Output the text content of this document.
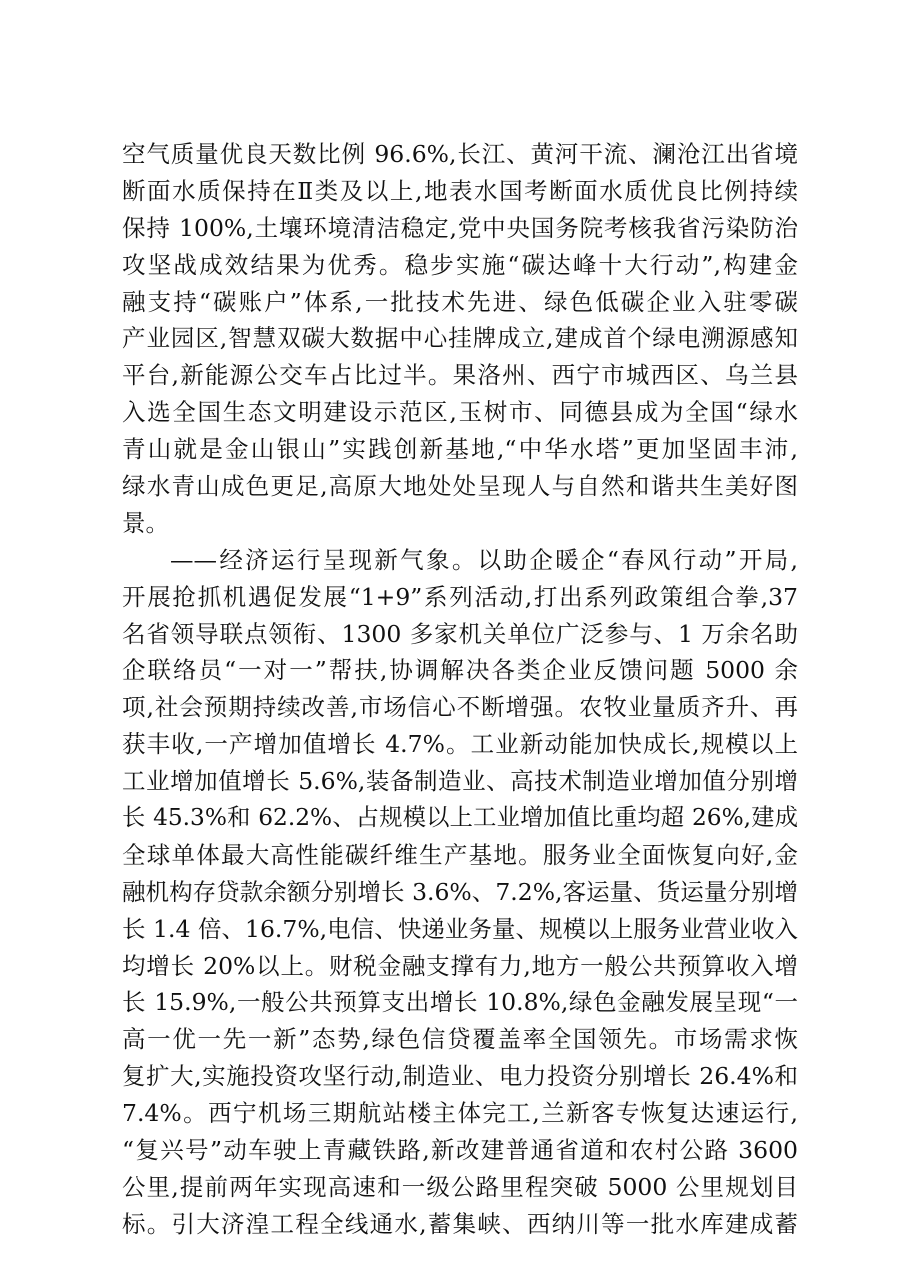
空气质量优良天数比例 96.6%,长江、黄河干流、澜沧江出省境
断面水质保持在Ⅱ类及以上,地表水国考断面水质优良比例持续
保持 100%,土壤环境清洁稳定,党中央国务院考核我省污染防治
攻坚战成效结果为优秀。稳步实施“碳达峰十大行动”,构建金
融支持“碳账户”体系,一批技术先进、绿色低碳企业入驻零碳
产业园区,智慧双碳大数据中心挂牌成立,建成首个绿电溯源感知
平台,新能源公交车占比过半。果洛州、西宁市城西区、乌兰县
入选全国生态文明建设示范区,玉树市、同德县成为全国“绿水
青山就是金山银山”实践创新基地,“中华水塔”更加坚固丰沛,
绿水青山成色更足,高原大地处处呈现人与自然和谐共生美好图
景。
——经济运行呈现新气象。以助企暖企“春风行动”开局,
开展抢抓机遇促发展“1+9”系列活动,打出系列政策组合拳,37
名省领导联点领衔、1300 多家机关单位广泛参与、1 万余名助
企联络员“一对一”帮扶,协调解决各类企业反馈问题 5000 余
项,社会预期持续改善,市场信心不断增强。农牧业量质齐升、再
获丰收,一产增加值增长 4.7%。工业新动能加快成长,规模以上
工业增加值增长 5.6%,装备制造业、高技术制造业增加值分别增
长 45.3%和 62.2%、占规模以上工业增加值比重均超 26%,建成
全球单体最大高性能碳纤维生产基地。服务业全面恢复向好,金
融机构存贷款余额分别增长 3.6%、7.2%,客运量、货运量分别增
长 1.4 倍、16.7%,电信、快递业务量、规模以上服务业营业收入
均增长 20%以上。财税金融支撑有力,地方一般公共预算收入增
长 15.9%,一般公共预算支出增长 10.8%,绿色金融发展呈现“一
高一优一先一新”态势,绿色信贷覆盖率全国领先。市场需求恢
复扩大,实施投资攻坚行动,制造业、电力投资分别增长 26.4%和
7.4%。西宁机场三期航站楼主体完工,兰新客专恢复达速运行,
“复兴号”动车驶上青藏铁路,新改建普通省道和农村公路 3600
公里,提前两年实现高速和一级公路里程突破 5000 公里规划目
标。引大济湟工程全线通水,蓄集峡、西纳川等一批水库建成蓄
